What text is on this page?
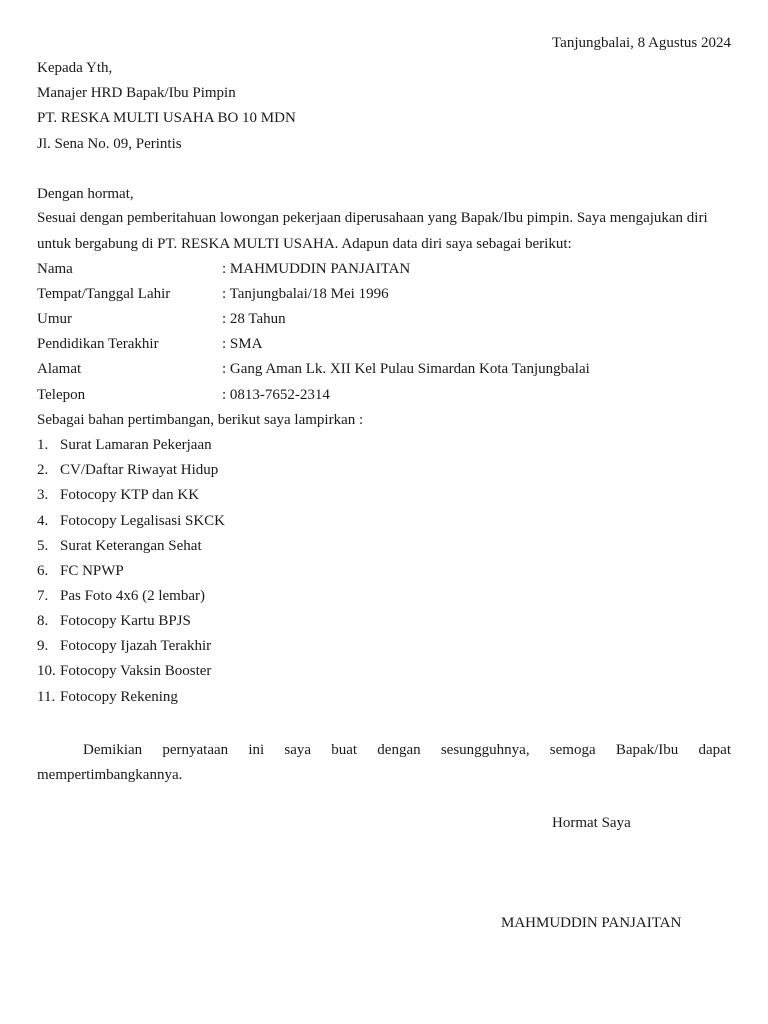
Tanjungbalai, 8 Agustus 2024
Kepada Yth,
Manajer HRD Bapak/Ibu Pimpin
PT. RESKA MULTI USAHA BO 10 MDN
Jl. Sena No. 09, Perintis
Dengan hormat,
Sesuai dengan pemberitahuan lowongan pekerjaan diperusahaan yang Bapak/Ibu pimpin. Saya mengajukan diri
untuk bergabung di PT. RESKA MULTI USAHA. Adapun data diri saya sebagai berikut:
Nama	: MAHMUDDIN PANJAITAN
Tempat/Tanggal Lahir	: Tanjungbalai/18 Mei 1996
Umur	: 28 Tahun
Pendidikan Terakhir	: SMA
Alamat	: Gang Aman Lk. XII Kel Pulau Simardan Kota Tanjungbalai
Telepon	: 0813-7652-2314
Sebagai bahan pertimbangan, berikut saya lampirkan :
1. Surat Lamaran Pekerjaan
2. CV/Daftar Riwayat Hidup
3. Fotocopy KTP dan KK
4. Fotocopy Legalisasi SKCK
5. Surat Keterangan Sehat
6. FC NPWP
7. Pas Foto 4x6 (2 lembar)
8. Fotocopy Kartu BPJS
9. Fotocopy Ijazah Terakhir
10. Fotocopy Vaksin Booster
11. Fotocopy Rekening
Demikian pernyataan ini saya buat dengan sesungguhnya, semoga Bapak/Ibu dapat mempertimbangkannya.
Hormat Saya
MAHMUDDIN PANJAITAN
